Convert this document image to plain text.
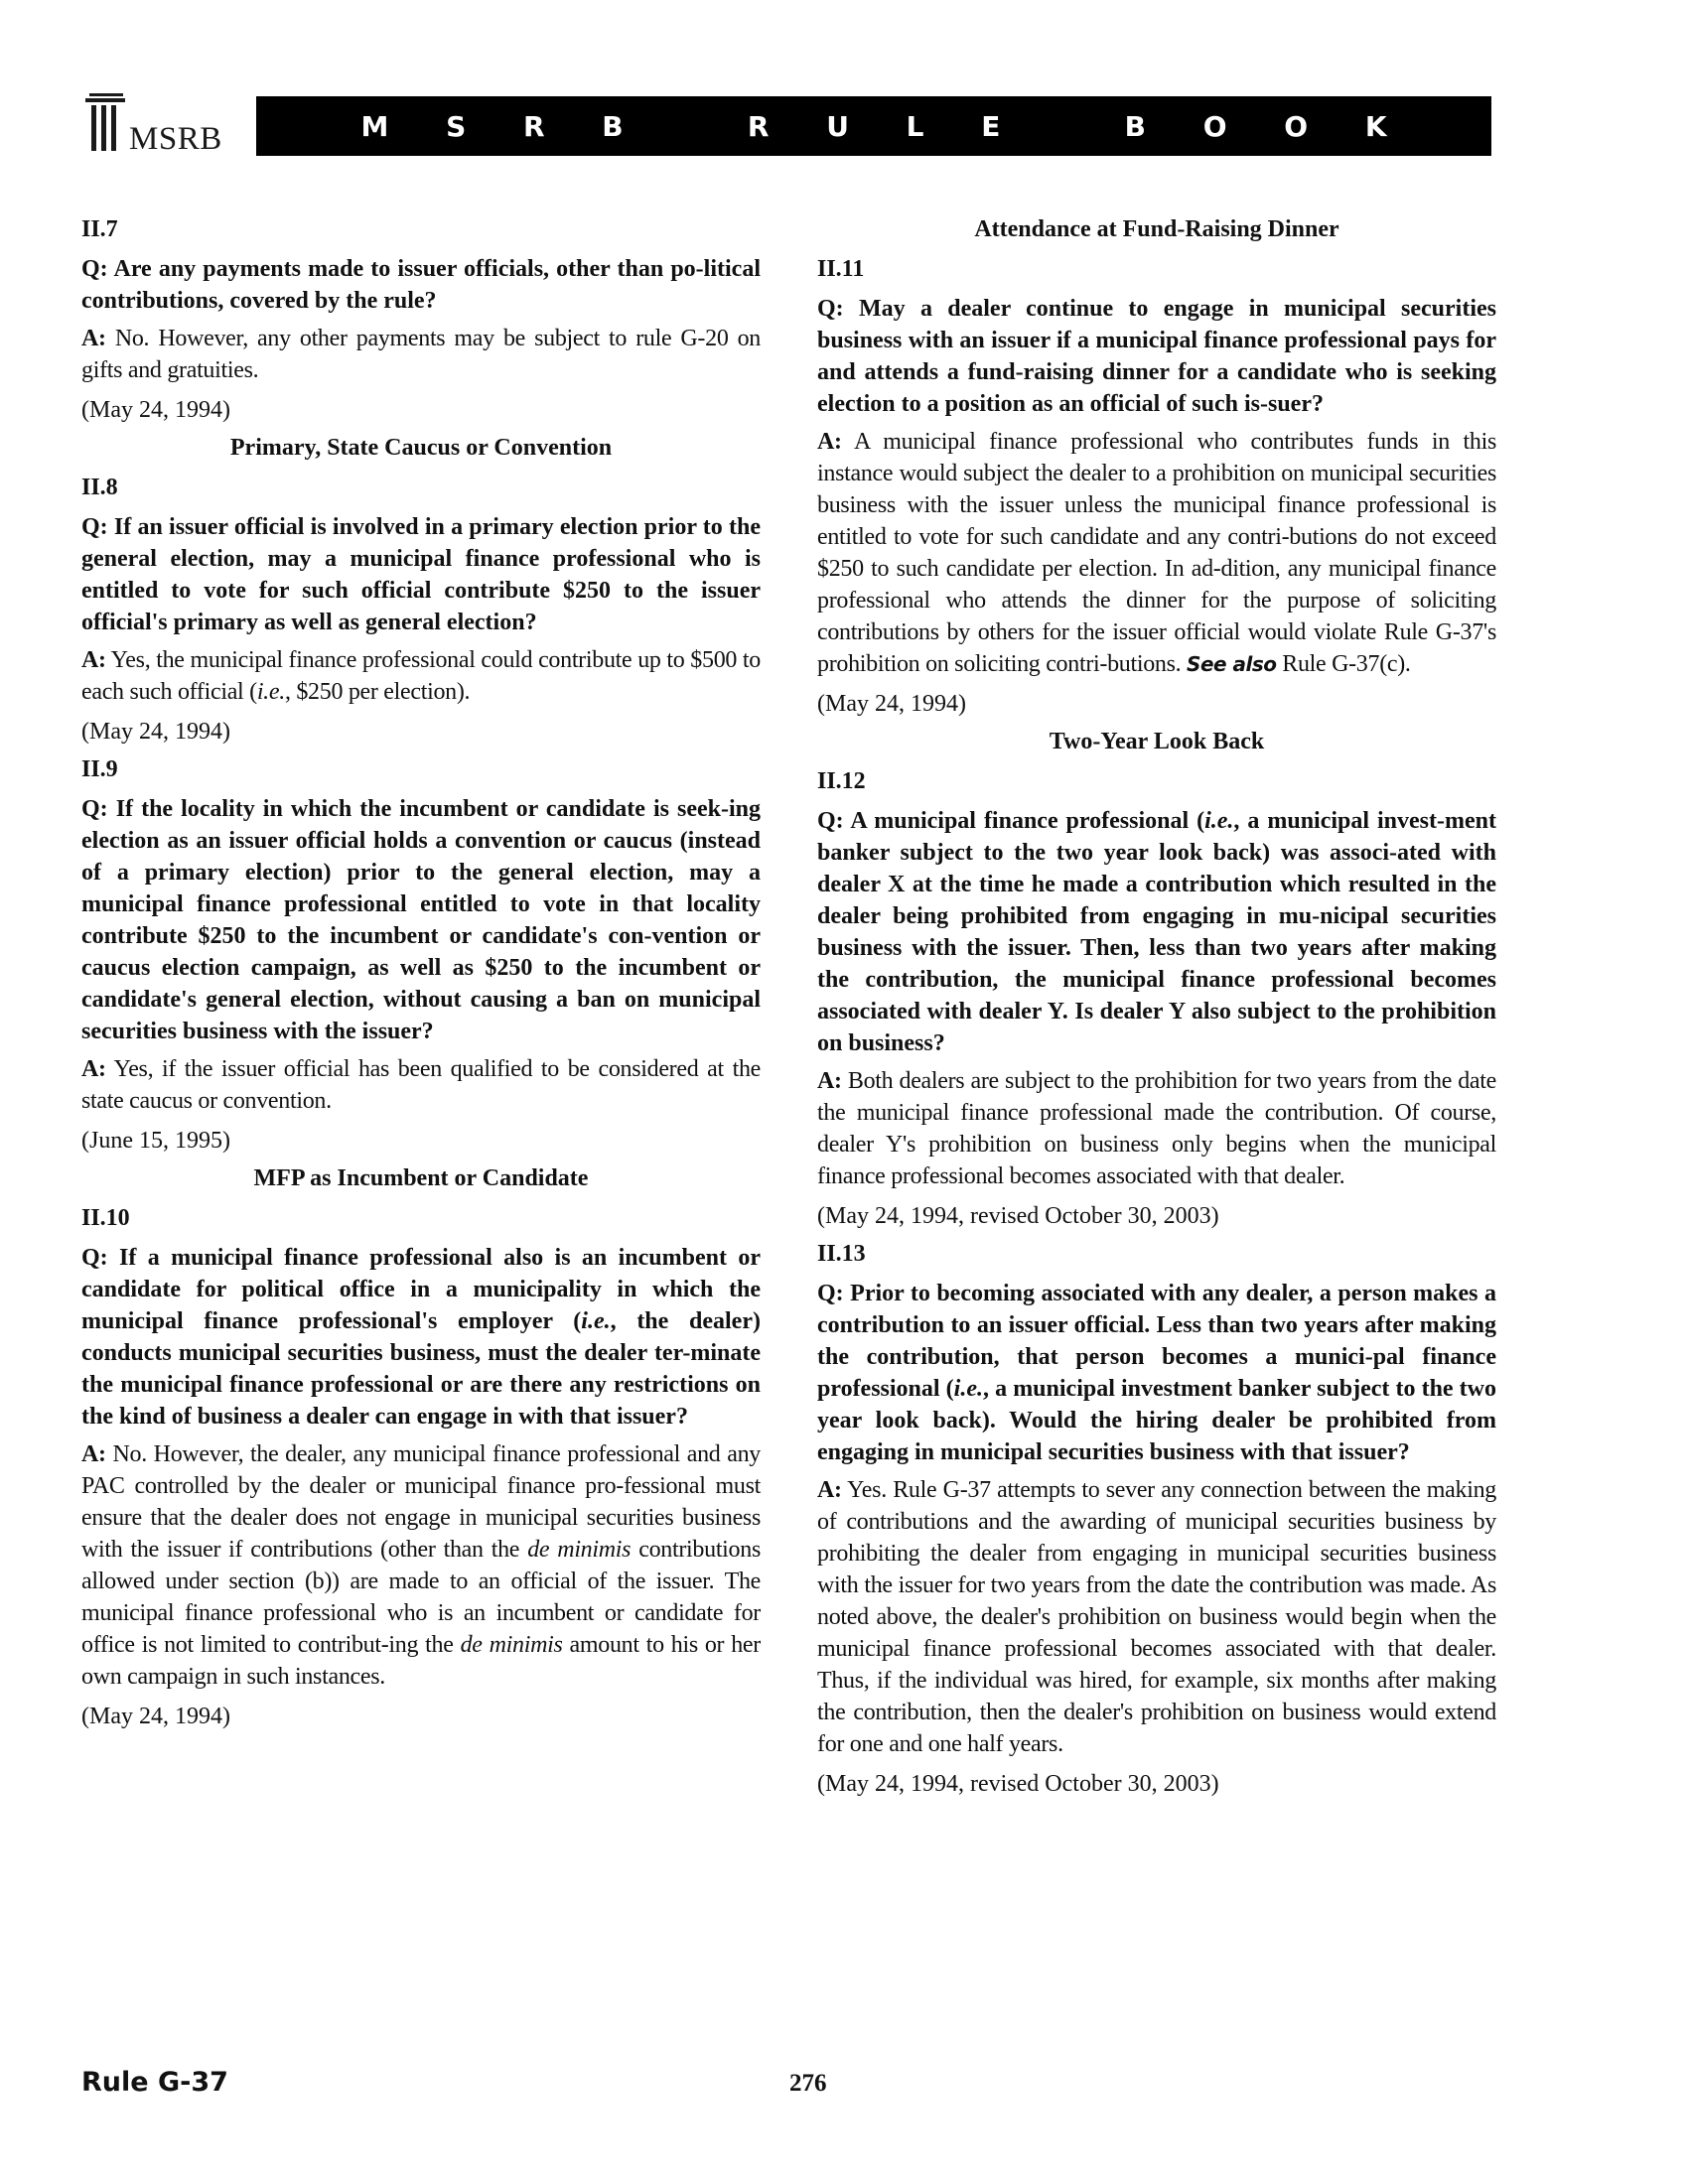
MSRB	M S R B   R U L E   B O O K

II.7

Q: Are any payments made to issuer officials, other than po-litical contributions, covered by the rule?

A: No. However, any other payments may be subject to rule G-20 on gifts and gratuities.

(May 24, 1994)

Primary, State Caucus or Convention

II.8

Q: If an issuer official is involved in a primary election prior to the general election, may a municipal finance professional who is entitled to vote for such official contribute $250 to the issuer official's primary as well as general election?

A: Yes, the municipal finance professional could contribute up to $500 to each such official (i.e., $250 per election).

(May 24, 1994)

II.9

Q: If the locality in which the incumbent or candidate is seek-ing election as an issuer official holds a convention or caucus (instead of a primary election) prior to the general election, may a municipal finance professional entitled to vote in that locality contribute $250 to the incumbent or candidate's con-vention or caucus election campaign, as well as $250 to the incumbent or candidate's general election, without causing a ban on municipal securities business with the issuer?

A: Yes, if the issuer official has been qualified to be considered at the state caucus or convention.

(June 15, 1995)

MFP as Incumbent or Candidate

II.10

Q: If a municipal finance professional also is an incumbent or candidate for political office in a municipality in which the municipal finance professional's employer (i.e., the dealer) conducts municipal securities business, must the dealer ter-minate the municipal finance professional or are there any restrictions on the kind of business a dealer can engage in with that issuer?

A: No. However, the dealer, any municipal finance professional and any PAC controlled by the dealer or municipal finance pro-fessional must ensure that the dealer does not engage in municipal securities business with the issuer if contributions (other than the de minimis contributions allowed under section (b)) are made to an official of the issuer. The municipal finance professional who is an incumbent or candidate for office is not limited to contribut-ing the de minimis amount to his or her own campaign in such instances.

(May 24, 1994)

Attendance at Fund-Raising Dinner

II.11

Q: May a dealer continue to engage in municipal securities business with an issuer if a municipal finance professional pays for and attends a fund-raising dinner for a candidate who is seeking election to a position as an official of such is-suer?

A: A municipal finance professional who contributes funds in this instance would subject the dealer to a prohibition on municipal securities business with the issuer unless the municipal finance professional is entitled to vote for such candidate and any contri-butions do not exceed $250 to such candidate per election. In ad-dition, any municipal finance professional who attends the dinner for the purpose of soliciting contributions by others for the issuer official would violate Rule G-37's prohibition on soliciting contri-butions. See also Rule G-37(c).

(May 24, 1994)

Two-Year Look Back

II.12

Q: A municipal finance professional (i.e., a municipal invest-ment banker subject to the two year look back) was associ-ated with dealer X at the time he made a contribution which resulted in the dealer being prohibited from engaging in mu-nicipal securities business with the issuer. Then, less than two years after making the contribution, the municipal finance professional becomes associated with dealer Y. Is dealer Y also subject to the prohibition on business?

A: Both dealers are subject to the prohibition for two years from the date the municipal finance professional made the contribution. Of course, dealer Y's prohibition on business only begins when the municipal finance professional becomes associated with that dealer.

(May 24, 1994, revised October 30, 2003)

II.13

Q: Prior to becoming associated with any dealer, a person makes a contribution to an issuer official. Less than two years after making the contribution, that person becomes a munici-pal finance professional (i.e., a municipal investment banker subject to the two year look back). Would the hiring dealer be prohibited from engaging in municipal securities business with that issuer?

A: Yes. Rule G-37 attempts to sever any connection between the making of contributions and the awarding of municipal securities business by prohibiting the dealer from engaging in municipal securities business with the issuer for two years from the date the contribution was made. As noted above, the dealer's prohibition on business would begin when the municipal finance professional becomes associated with that dealer. Thus, if the individual was hired, for example, six months after making the contribution, then the dealer's prohibition on business would extend for one and one half years.

(May 24, 1994, revised October 30, 2003)

Rule G-37	276
